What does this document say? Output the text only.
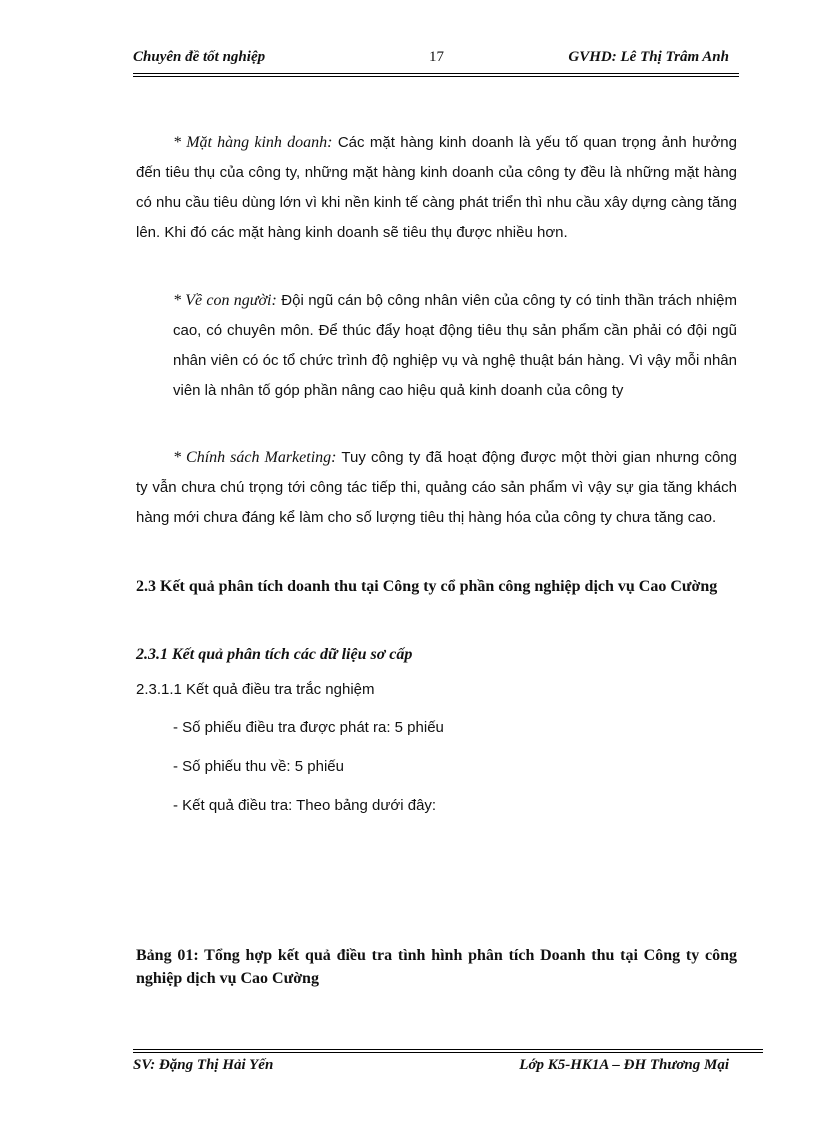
Chuyên đề tốt nghiệp	17	GVHD: Lê Thị Trâm Anh
* Mặt hàng kinh doanh: Các mặt hàng kinh doanh là yếu tố quan trọng ảnh hưởng đến tiêu thụ của công ty, những mặt hàng kinh doanh của công ty đều là những mặt hàng có nhu cầu tiêu dùng lớn vì khi nền kinh tế càng phát triển thì nhu cầu xây dựng càng tăng lên. Khi đó các mặt hàng kinh doanh sẽ tiêu thụ được nhiều hơn.
* Về con người: Đội ngũ cán bộ công nhân viên của công ty có tinh thần trách nhiệm cao, có chuyên môn. Để thúc đẩy hoạt động tiêu thụ sản phẩm cần phải có đội ngũ nhân viên có óc tổ chức trình độ nghiệp vụ và nghệ thuật bán hàng. Vì vậy mỗi nhân viên là nhân tố góp phần nâng cao hiệu quả kinh doanh của công ty
* Chính sách Marketing: Tuy công ty đã hoạt động được một thời gian nhưng công ty vẫn chưa chú trọng tới công tác tiếp thi, quảng cáo sản phẩm vì vậy sự gia tăng khách hàng mới chưa đáng kể làm cho số lượng tiêu thị hàng hóa của công ty chưa tăng cao.
2.3 Kết quả phân tích doanh thu tại Công ty cổ phần công nghiệp dịch vụ Cao Cường
2.3.1 Kết quả phân tích các dữ liệu sơ cấp
2.3.1.1 Kết quả điều tra trắc nghiệm
- Số phiếu điều tra được phát ra: 5 phiếu
- Số phiếu thu về: 5 phiếu
- Kết quả điều tra: Theo bảng dưới đây:
Bảng 01: Tổng hợp kết quả điều tra tình hình phân tích Doanh thu tại Công ty công nghiệp dịch vụ Cao Cường
SV: Đặng Thị Hải Yến	Lớp K5-HK1A – ĐH Thương Mại
